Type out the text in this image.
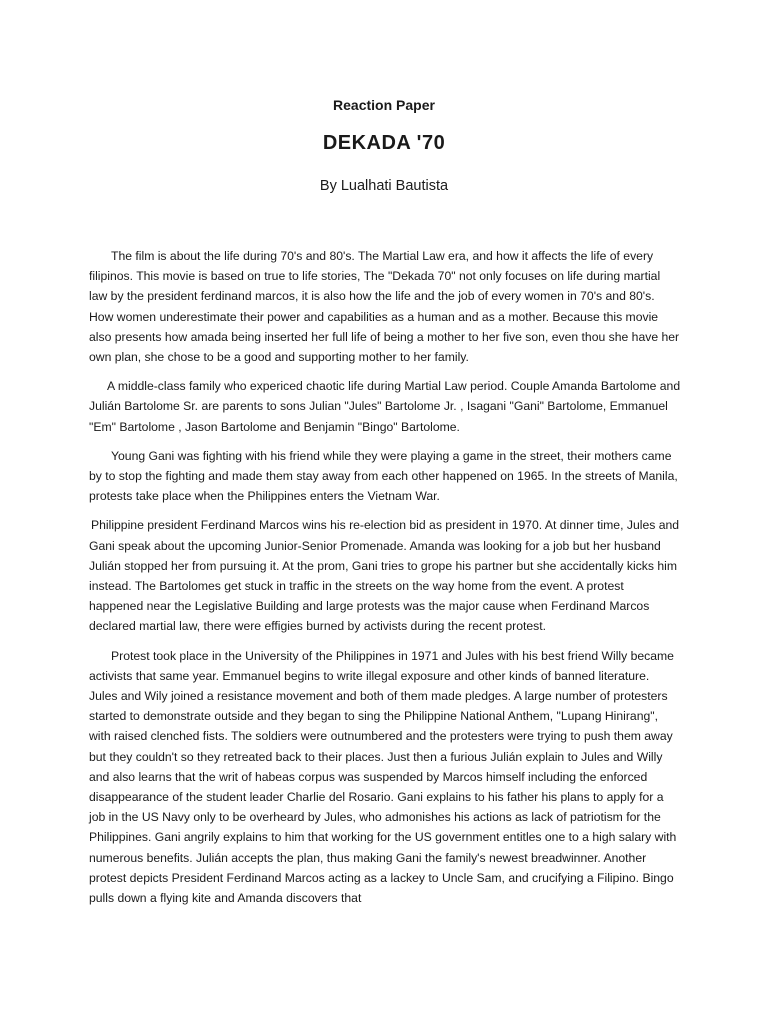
Reaction Paper
DEKADA '70
By Lualhati Bautista

The film is about the life during 70's and 80's. The Martial Law era, and how it affects the life of every filipinos. This movie is based on true to life stories, The "Dekada 70" not only focuses on life during martial law by the president ferdinand marcos, it is also how the life and the job of every women in 70's and 80's. How women underestimate their power and capabilities as a human and as a mother. Because this movie also presents how amada being inserted her full life of being a mother to her five son, even thou she have her own plan, she chose to be a good and supporting mother to her family.

A middle-class family who expericed chaotic life during Martial Law period. Couple Amanda Bartolome and Julián Bartolome Sr. are parents to sons Julian "Jules" Bartolome Jr. , Isagani "Gani" Bartolome, Emmanuel "Em" Bartolome , Jason Bartolome and Benjamin "Bingo" Bartolome.

Young Gani was fighting with his friend while they were playing a game in the street, their mothers came by to stop the fighting and made them stay away from each other happened on 1965. In the streets of Manila, protests take place when the Philippines enters the Vietnam War.

Philippine president Ferdinand Marcos wins his re-election bid as president in 1970. At dinner time, Jules and Gani speak about the upcoming Junior-Senior Promenade. Amanda was looking for a job but her husband Julián stopped her from pursuing it. At the prom, Gani tries to grope his partner but she accidentally kicks him instead. The Bartolomes get stuck in traffic in the streets on the way home from the event. A protest happened near the Legislative Building and large protests was the major cause when Ferdinand Marcos declared martial law, there were effigies burned by activists during the recent protest.

Protest took place in the University of the Philippines in 1971 and Jules with his best friend Willy became activists that same year. Emmanuel begins to write illegal exposure and other kinds of banned literature. Jules and Wily joined a resistance movement and both of them made pledges. A large number of protesters started to demonstrate outside and they began to sing the Philippine National Anthem, "Lupang Hinirang", with raised clenched fists. The soldiers were outnumbered and the protesters were trying to push them away but they couldn't so they retreated back to their places. Just then a furious Julián explain to Jules and Willy and also learns that the writ of habeas corpus was suspended by Marcos himself including the enforced disappearance of the student leader Charlie del Rosario. Gani explains to his father his plans to apply for a job in the US Navy only to be overheard by Jules, who admonishes his actions as lack of patriotism for the Philippines. Gani angrily explains to him that working for the US government entitles one to a high salary with numerous benefits. Julián accepts the plan, thus making Gani the family's newest breadwinner. Another protest depicts President Ferdinand Marcos acting as a lackey to Uncle Sam, and crucifying a Filipino. Bingo pulls down a flying kite and Amanda discovers that
